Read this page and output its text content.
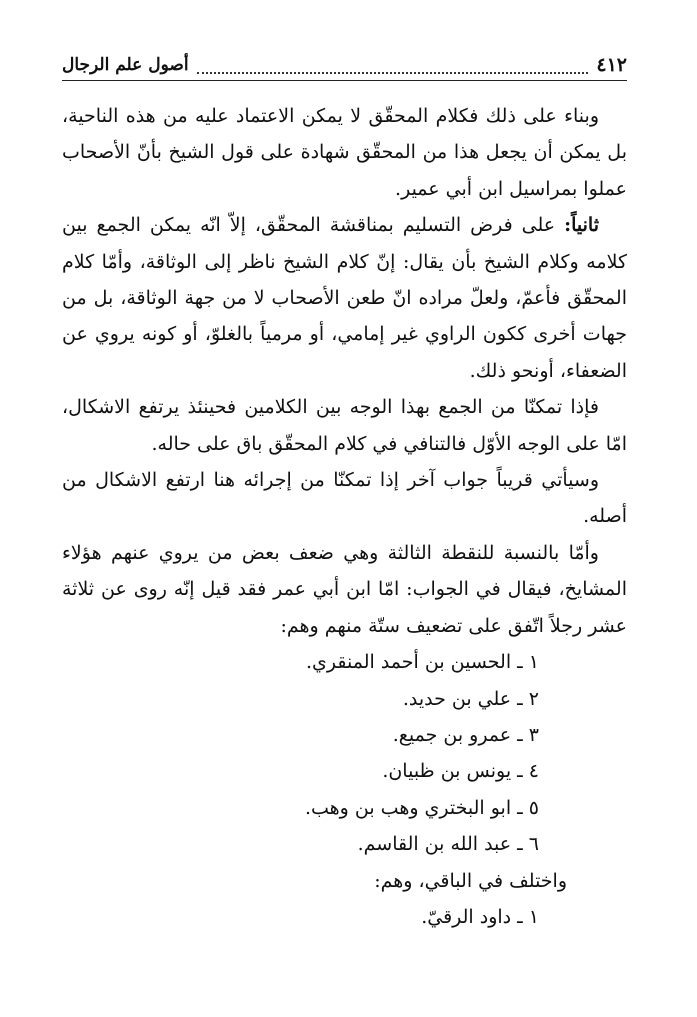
٤١٢
أصول علم الرجال

وبناء على ذلك فكلام المحقّق لا يمكن الاعتماد عليه من هذه الناحية، بل يمكن أن يجعل هذا من المحقّق شهادة على قول الشيخ بأنّ الأصحاب عملوا بمراسيل ابن أبي عمير.

ثانياً: على فرض التسليم بمناقشة المحقّق، إلاّ انّه يمكن الجمع بين كلامه وكلام الشيخ بأن يقال: إنّ كلام الشيخ ناظر إلى الوثاقة، وأمّا كلام المحقّق فأعمّ، ولعلّ مراده انّ طعن الأصحاب لا من جهة الوثاقة، بل من جهات أخرى ككون الراوي غير إمامي، أو مرمياً بالغلوّ، أو كونه يروي عن الضعفاء، أونحو ذلك.

فإذا تمكنّا من الجمع بهذا الوجه بين الكلامين فحينئذ يرتفع الاشكال، امّا على الوجه الأوّل فالتنافي في كلام المحقّق باق على حاله.

وسيأتي قريباً جواب آخر إذا تمكنّا من إجرائه هنا ارتفع الاشكال من أصله.

وأمّا بالنسبة للنقطة الثالثة وهي ضعف بعض من يروي عنهم هؤلاء المشايخ، فيقال في الجواب: امّا ابن أبي عمر فقد قيل إنّه روى عن ثلاثة عشر رجلاً اتّفق على تضعيف ستّة منهم وهم:

١ ـ الحسين بن أحمد المنقري.

٢ ـ علي بن حديد.

٣ ـ عمرو بن جميع.

٤ ـ يونس بن ظبيان.

٥ ـ ابو البختري وهب بن وهب.

٦ ـ عبد الله بن القاسم.

واختلف في الباقي، وهم:

١ ـ داود الرقيّ.
